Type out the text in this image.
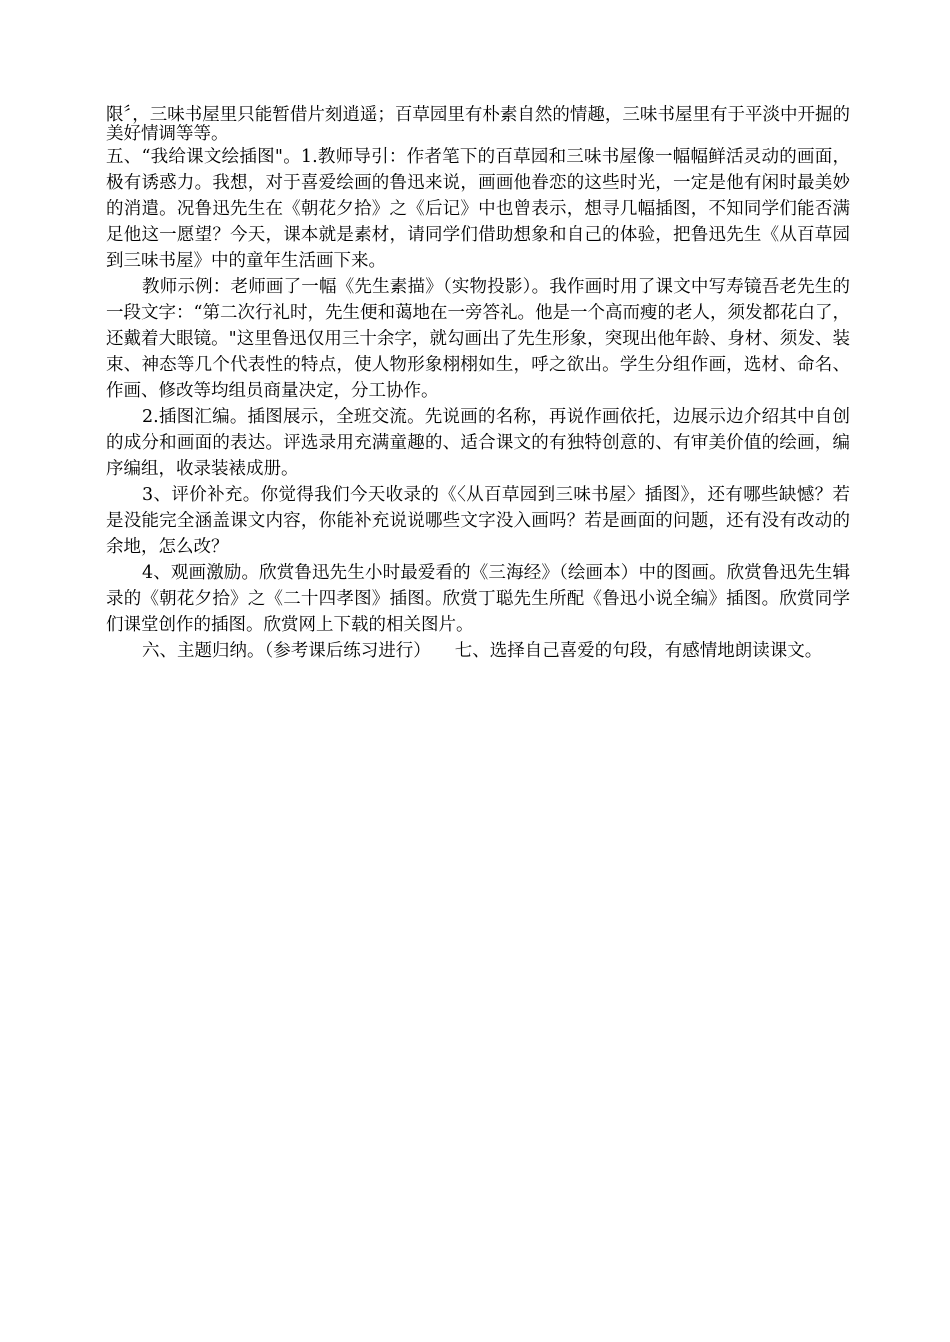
限〞，三味书屋里只能暂借片刻逍遥；百草园里有朴素自然的情趣，三味书屋里有于平淡中开掘的美好情调等等。

五、“我给课文绘插图"。1.教师导引：作者笔下的百草园和三味书屋像一幅幅鲜活灵动的画面，极有诱惑力。我想，对于喜爱绘画的鲁迅来说，画画他眷恋的这些时光，一定是他有闲时最美妙的消遣。况鲁迅先生在《朝花夕拾》之《后记》中也曾表示，想寻几幅插图，不知同学们能否满足他这一愿望？今天，课本就是素材，请同学们借助想象和自己的体验，把鲁迅先生《从百草园到三味书屋》中的童年生活画下来。

教师示例：老师画了一幅《先生素描》（实物投影）。我作画时用了课文中写寿镜吾老先生的一段文字：“第二次行礼时，先生便和蔼地在一旁答礼。他是一个高而瘦的老人，须发都花白了，还戴着大眼镜。"这里鲁迅仅用三十余字，就勾画出了先生形象，突现出他年龄、身材、须发、装束、神态等几个代表性的特点，使人物形象栩栩如生，呼之欲出。学生分组作画，选材、命名、作画、修改等均组员商量决定，分工协作。

2.插图汇编。插图展示，全班交流。先说画的名称，再说作画依托，边展示边介绍其中自创的成分和画面的表达。评选录用充满童趣的、适合课文的有独特创意的、有审美价值的绘画，编序编组，收录装裱成册。

3、评价补充。你觉得我们今天收录的《〈从百草园到三味书屋〉插图》，还有哪些缺憾？若是没能完全涵盖课文内容，你能补充说说哪些文字没入画吗？若是画面的问题，还有没有改动的余地，怎么改？

4、观画激励。欣赏鲁迅先生小时最爱看的《三海经》（绘画本）中的图画。欣赏鲁迅先生辑录的《朝花夕拾》之《二十四孝图》插图。欣赏丁聪先生所配《鲁迅小说全编》插图。欣赏同学们课堂创作的插图。欣赏网上下载的相关图片。

六、主题归纳。（参考课后练习进行） 七、选择自己喜爱的句段，有感情地朗读课文。
